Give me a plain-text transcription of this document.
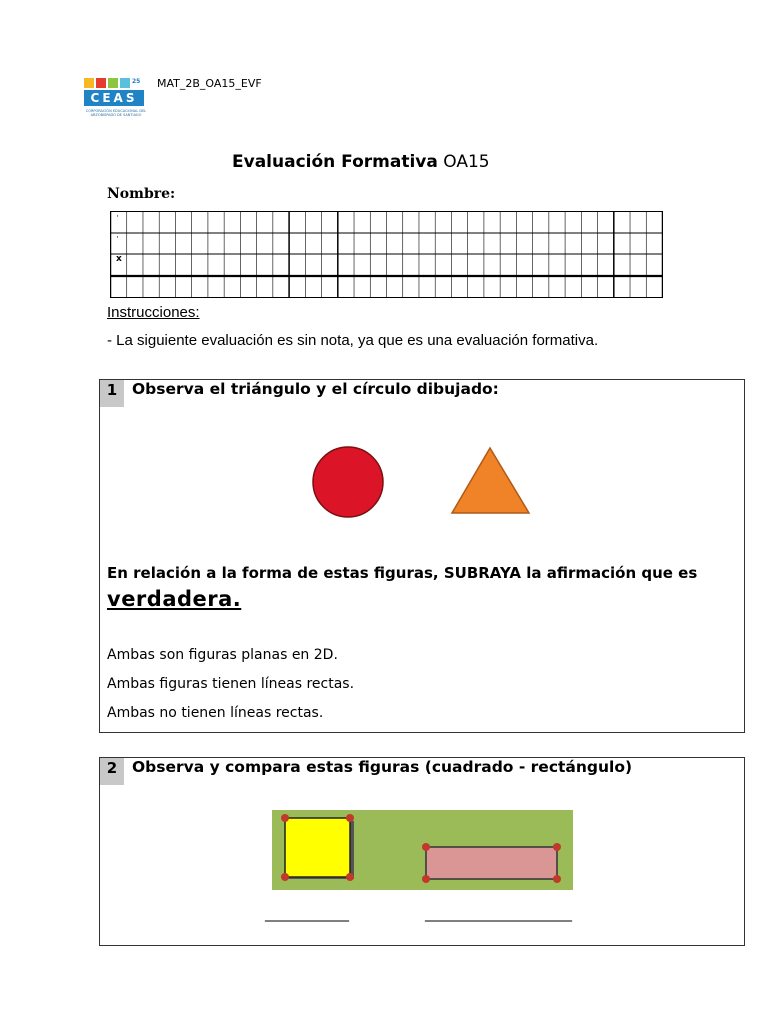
25
CEAS
CORPORACIÓN EDUCACIONAL DEL ARZOBISPADO DE SANTIAGO
MAT_2B_OA15_EVF
Evaluación Formativa OA15
Nombre:
·
·
x
Instrucciones:
- La siguiente evaluación es sin nota, ya que es una evaluación formativa.
1 Observa el triángulo y el círculo dibujado:
En relación a la forma de estas figuras, SUBRAYA la afirmación que es verdadera.
Ambas son figuras planas en 2D.
Ambas figuras tienen líneas rectas.
Ambas no tienen líneas rectas.
2 Observa y compara estas figuras (cuadrado - rectángulo)
____________	_____________________
